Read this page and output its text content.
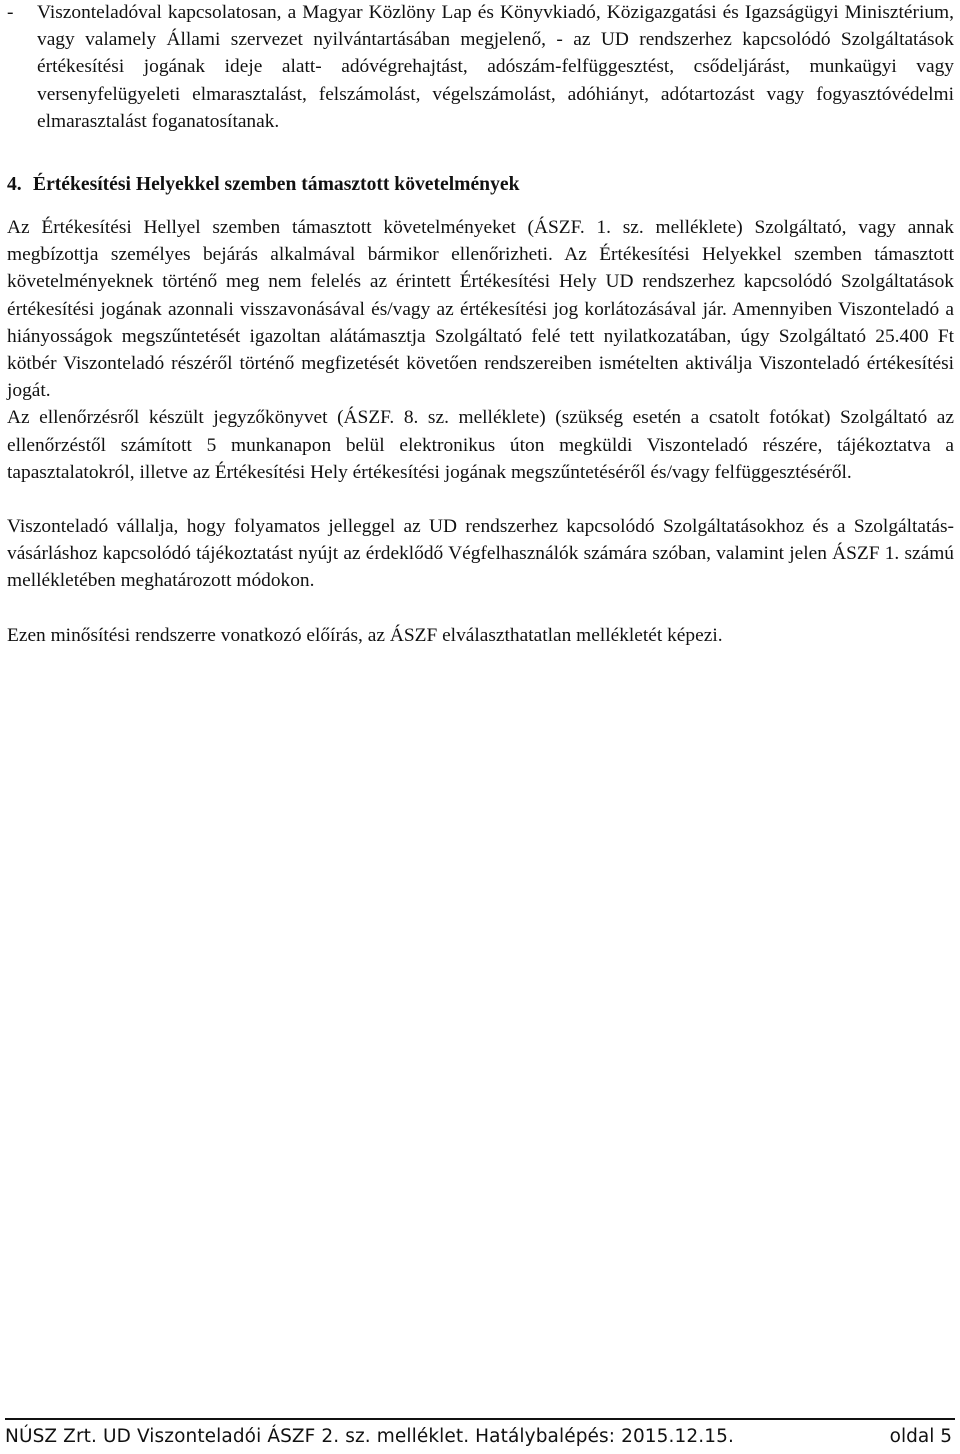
- Viszonteladóval kapcsolatosan, a Magyar Közlöny Lap és Könyvkiadó, Közigazgatási és Igazságügyi Minisztérium, vagy valamely Állami szervezet nyilvántartásában megjelenő, - az UD rendszerhez kapcsolódó Szolgáltatások értékesítési jogának ideje alatt- adóvégrehajtást, adószám-felfüggesztést, csődeljárást, munkaügyi vagy versenyfelügyeleti elmarasztalást, felszámolást, végelszámolást, adóhiányt, adótartozást vagy fogyasztóvédelmi elmarasztalást foganatosítanak.

4. Értékesítési Helyekkel szemben támasztott követelmények

Az Értékesítési Hellyel szemben támasztott követelményeket (ÁSZF. 1. sz. melléklete) Szolgáltató, vagy annak megbízottja személyes bejárás alkalmával bármikor ellenőrizheti. Az Értékesítési Helyekkel szemben támasztott követelményeknek történő meg nem felelés az érintett Értékesítési Hely UD rendszerhez kapcsolódó Szolgáltatások értékesítési jogának azonnali visszavonásával és/vagy az értékesítési jog korlátozásával jár. Amennyiben Viszonteladó a hiányosságok megszűntetését igazoltan alátámasztja Szolgáltató felé tett nyilatkozatában, úgy Szolgáltató 25.400 Ft kötbér Viszonteladó részéről történő megfizetését követően rendszereiben ismételten aktiválja Viszonteladó értékesítési jogát.

Az ellenőrzésről készült jegyzőkönyvet (ÁSZF. 8. sz. melléklete) (szükség esetén a csatolt fotókat) Szolgáltató az ellenőrzéstől számított 5 munkanapon belül elektronikus úton megküldi Viszonteladó részére, tájékoztatva a tapasztalatokról, illetve az Értékesítési Hely értékesítési jogának megszűntetéséről és/vagy felfüggesztéséről.

Viszonteladó vállalja, hogy folyamatos jelleggel az UD rendszerhez kapcsolódó Szolgáltatásokhoz és a Szolgáltatás-vásárláshoz kapcsolódó tájékoztatást nyújt az érdeklődő Végfelhasználók számára szóban, valamint jelen ÁSZF 1. számú mellékletében meghatározott módokon.

Ezen minősítési rendszerre vonatkozó előírás, az ÁSZF elválaszthatatlan mellékletét képezi.

NÚSZ Zrt. UD Viszonteladói ÁSZF 2. sz. melléklet. Hatálybalépés: 2015.12.15.	oldal 5
